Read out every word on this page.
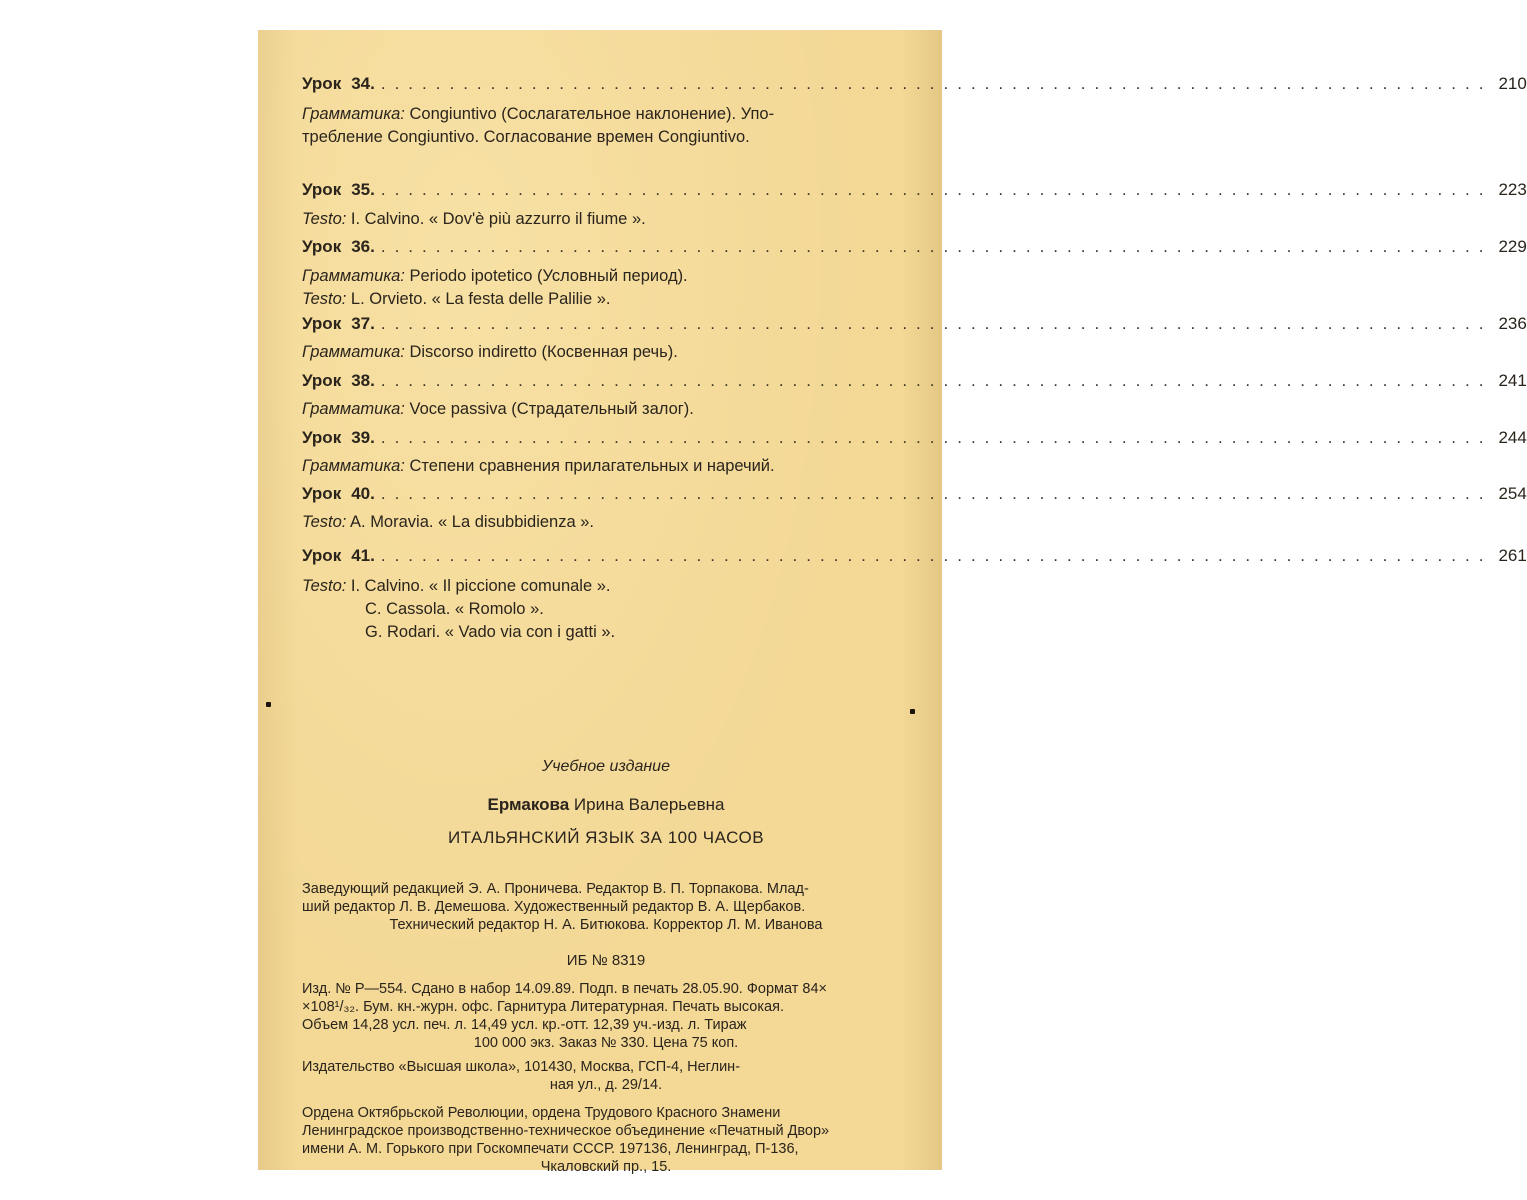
Урок 34. ................................................................................. 210
Грамматика: Congiuntivo (Сослагательное наклонение). Упо-
требление Congiuntivo. Согласование времен Congiuntivo.
Урок 35. ................................................................................. 223
Testo: I. Calvino. « Dov'è più azzurro il fiume ».
Урок 36. ................................................................................. 229
Грамматика: Periodo ipotetico (Условный период).
Testo: L. Orvieto. « La festa delle Palilie ».
Урок 37. ................................................................................. 236
Грамматика: Discorso indiretto (Косвенная речь).
Урок 38. ................................................................................. 241
Грамматика: Voce passiva (Страдательный залог).
Урок 39. ................................................................................. 244
Грамматика: Степени сравнения прилагательных и наречий.
Урок 40. ................................................................................. 254
Testo: A. Moravia. « La disubbidienza ».
Урок 41. ................................................................................. 261
Testo: I. Calvino. « Il piccione comunale ».
C. Cassola. « Romolo ».
G. Rodari. « Vado via con i gatti ».
Учебное издание
Ермакова Ирина Валерьевна
ИТАЛЬЯНСКИЙ ЯЗЫК ЗА 100 ЧАСОВ
Заведующий редакцией Э. А. Проничева. Редактор В. П. Торпакова. Млад-
ший редактор Л. В. Демешова. Художественный редактор В. А. Щербаков.
Технический редактор Н. А. Битюкова. Корректор Л. М. Иванова
ИБ № 8319
Изд. № Р—554. Сдано в набор 14.09.89. Подп. в печать 28.05.90. Формат 84×
×108¹/₃₂. Бум. кн.-журн. офс. Гарнитура Литературная. Печать высокая.
Объем 14,28 усл. печ. л. 14,49 усл. кр.-отт. 12,39 уч.-изд. л. Тираж
100 000 экз. Заказ № 330. Цена 75 коп.
Издательство «Высшая школа», 101430, Москва, ГСП-4, Неглин-
ная ул., д. 29/14.
Ордена Октябрьской Революции, ордена Трудового Красного Знамени
Ленинградское производственно-техническое объединение «Печатный Двор»
имени А. М. Горького при Госкомпечати СССР. 197136, Ленинград, П-136,
Чкаловский пр., 15.
